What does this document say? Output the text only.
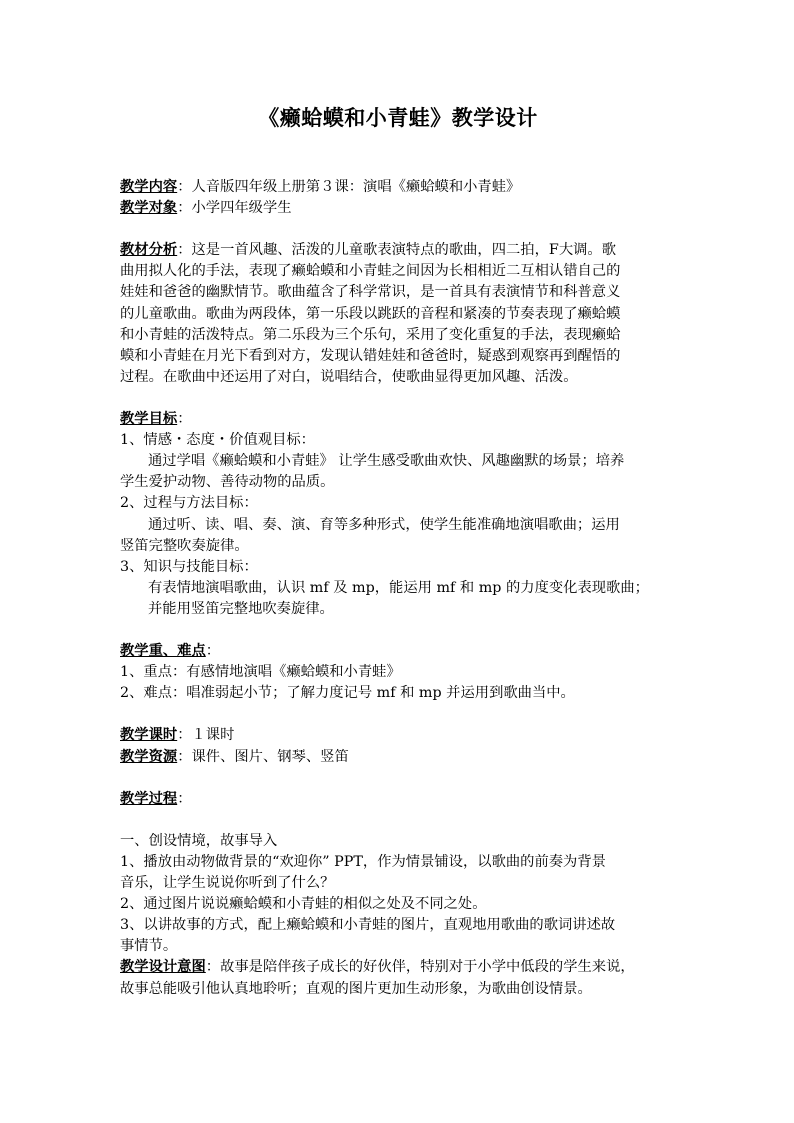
《癞蛤蟆和小青蛙》教学设计
教学内容：人音版四年级上册第３课：演唱《癞蛤蟆和小青蛙》
教学对象：小学四年级学生
教材分析：这是一首风趣、活泼的儿童歌表演特点的歌曲，四二拍，F大调。歌
曲用拟人化的手法，表现了癞蛤蟆和小青蛙之间因为长相相近二互相认错自己的
娃娃和爸爸的幽默情节。歌曲蕴含了科学常识，是一首具有表演情节和科普意义
的儿童歌曲。歌曲为两段体，第一乐段以跳跃的音程和紧凑的节奏表现了癞蛤蟆
和小青蛙的活泼特点。第二乐段为三个乐句，采用了变化重复的手法，表现癞蛤
蟆和小青蛙在月光下看到对方，发现认错娃娃和爸爸时，疑惑到观察再到醒悟的
过程。在歌曲中还运用了对白，说唱结合，使歌曲显得更加风趣、活泼。
教学目标：
1、情感・态度・价值观目标：
通过学唱《癞蛤蟆和小青蛙》 让学生感受歌曲欢快、风趣幽默的场景；培养
学生爱护动物、善待动物的品质。
2、过程与方法目标：
通过听、读、唱、奏、演、育等多种形式，使学生能准确地演唱歌曲；运用
竖笛完整吹奏旋律。
3、知识与技能目标：
有表情地演唱歌曲，认识 mf 及 mp，能运用 mf 和 mp 的力度变化表现歌曲；
并能用竖笛完整地吹奏旋律。
教学重、难点：
1、重点：有感情地演唱《癞蛤蟆和小青蛙》
2、难点：唱准弱起小节；了解力度记号 mf 和 mp 并运用到歌曲当中。
教学课时：１课时
教学资源：课件、图片、钢琴、竖笛
教学过程：
一、创设情境，故事导入
1、播放由动物做背景的“欢迎你” PPT，作为情景铺设，以歌曲的前奏为背景
音乐，让学生说说你听到了什么？
2、通过图片说说癞蛤蟆和小青蛙的相似之处及不同之处。
3、以讲故事的方式，配上癞蛤蟆和小青蛙的图片，直观地用歌曲的歌词讲述故
事情节。
教学设计意图：故事是陪伴孩子成长的好伙伴，特别对于小学中低段的学生来说，
故事总能吸引他认真地聆听；直观的图片更加生动形象，为歌曲创设情景。
